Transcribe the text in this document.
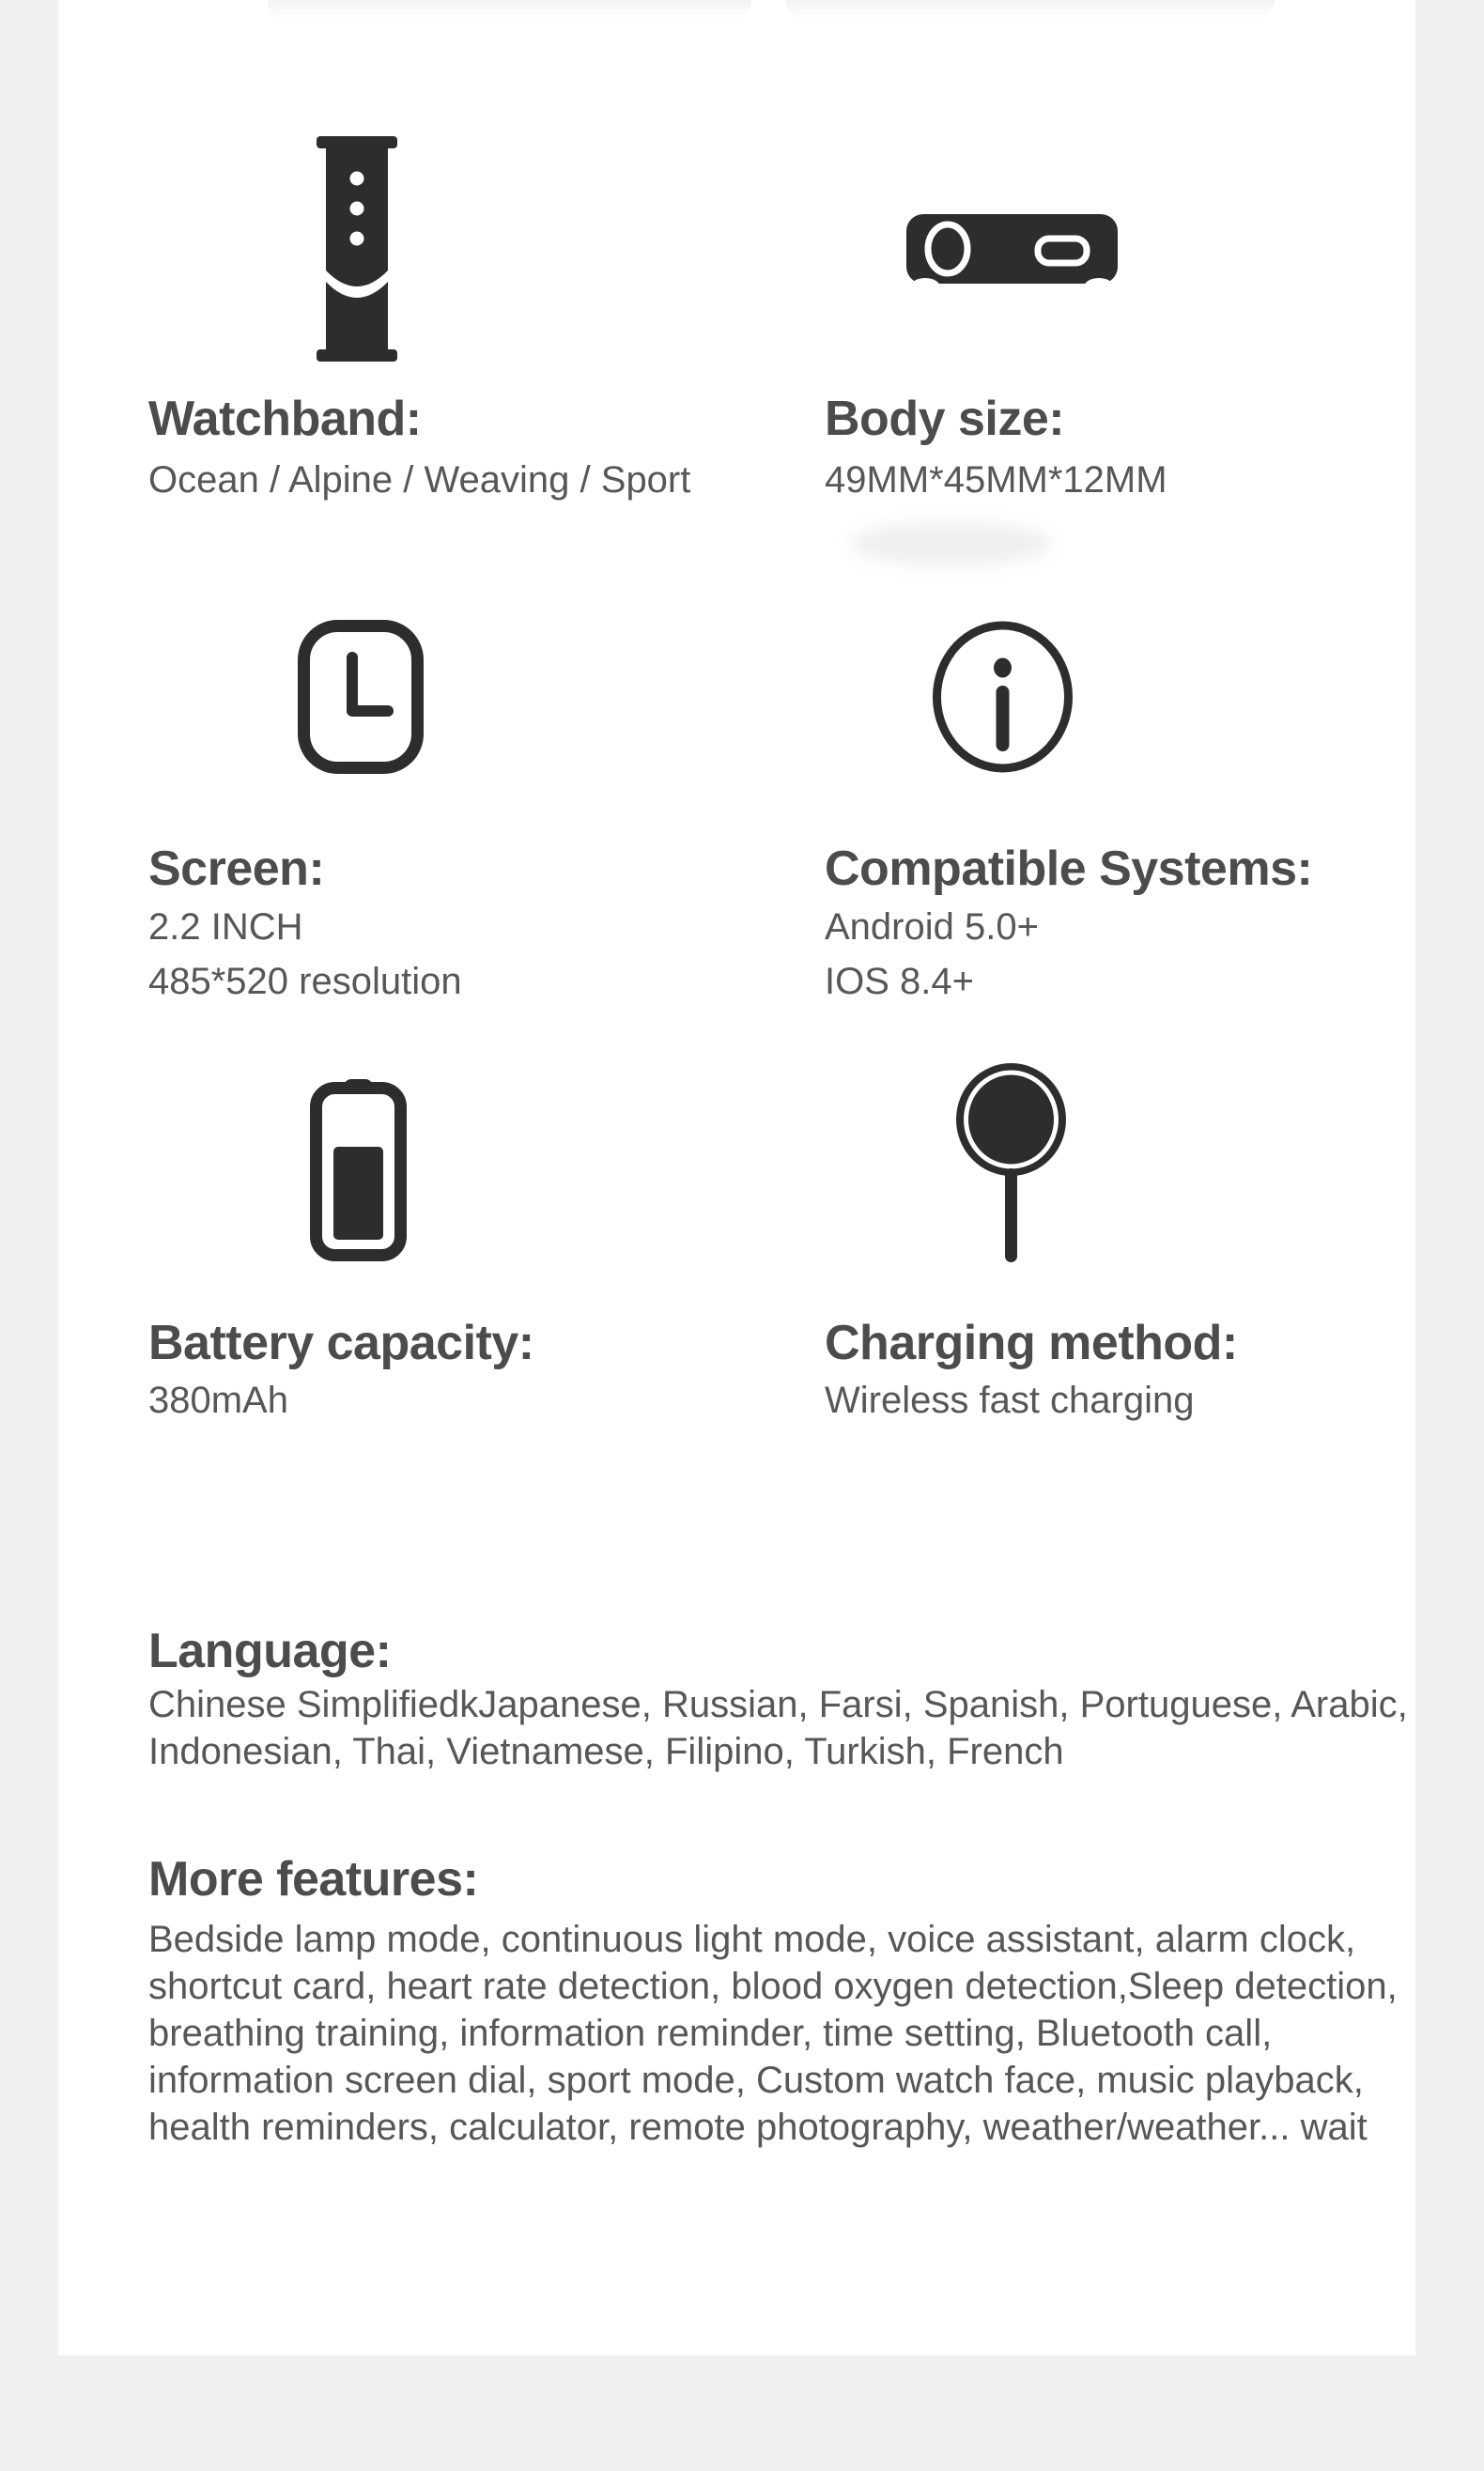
Watchband:
Ocean / Alpine / Weaving / Sport
Body size:
49MM*45MM*12MM
Screen:
2.2 INCH
485*520 resolution
Compatible Systems:
Android 5.0+
IOS 8.4+
Battery capacity:
380mAh
Charging method:
Wireless fast charging
Language:
Chinese SimplifiedkJapanese, Russian, Farsi, Spanish, Portuguese, Arabic,
Indonesian, Thai, Vietnamese, Filipino, Turkish, French
More features:
Bedside lamp mode, continuous light mode, voice assistant, alarm clock,
shortcut card, heart rate detection, blood oxygen detection,Sleep detection,
breathing training, information reminder, time setting, Bluetooth call,
information screen dial, sport mode, Custom watch face, music playback,
health reminders, calculator, remote photography, weather/weather... wait
